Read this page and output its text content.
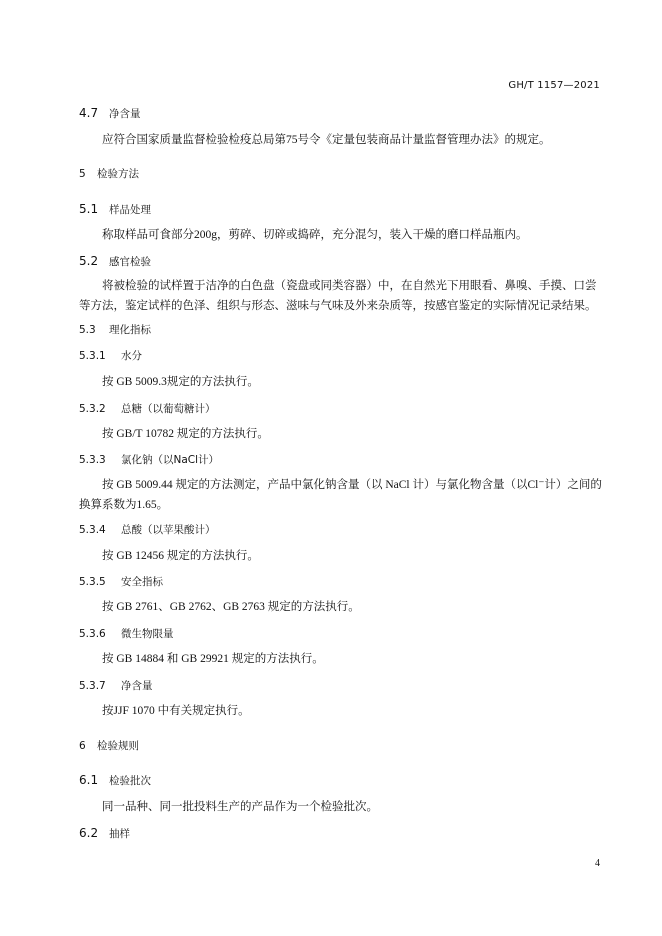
GH/T 1157—2021
4.7 净含量
应符合国家质量监督检验检疫总局第75号令《定量包装商品计量监督管理办法》的规定。
5 检验方法
5.1 样品处理
称取样品可食部分200g，剪碎、切碎或捣碎，充分混匀，装入干燥的磨口样品瓶内。
5.2 感官检验
将被检验的试样置于洁净的白色盘（瓷盘或同类容器）中，在自然光下用眼看、鼻嗅、手摸、口尝等方法，鉴定试样的色泽、组织与形态、滋味与气味及外来杂质等，按感官鉴定的实际情况记录结果。
5.3 理化指标
5.3.1 水分
按 GB 5009.3规定的方法执行。
5.3.2 总糖（以葡萄糖计）
按 GB/T 10782 规定的方法执行。
5.3.3 氯化钠（以NaCl计）
按 GB 5009.44 规定的方法测定，产品中氯化钠含量（以 NaCl 计）与氯化物含量（以Cl⁻计）之间的换算系数为1.65。
5.3.4 总酸（以苹果酸计）
按 GB 12456 规定的方法执行。
5.3.5 安全指标
按 GB 2761、GB 2762、GB 2763 规定的方法执行。
5.3.6 微生物限量
按 GB 14884 和 GB 29921 规定的方法执行。
5.3.7 净含量
按JJF 1070 中有关规定执行。
6 检验规则
6.1 检验批次
同一品种、同一批投料生产的产品作为一个检验批次。
6.2 抽样
4
